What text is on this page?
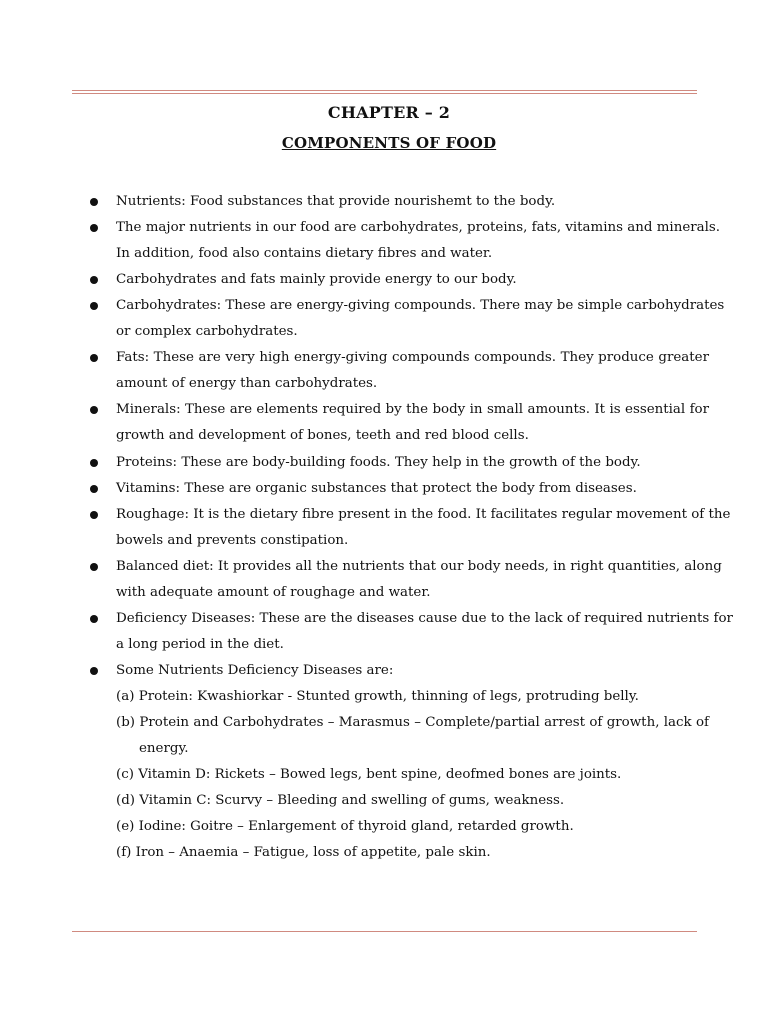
CHAPTER – 2
COMPONENTS OF FOOD
Nutrients: Food substances that provide nourishemt to the body.
The major nutrients in our food are carbohydrates, proteins, fats, vitamins and minerals.
In addition, food also contains dietary fibres and water.
Carbohydrates and fats mainly provide energy to our body.
Carbohydrates: These are energy-giving compounds. There may be simple carbohydrates
or complex carbohydrates.
Fats: These are very high energy-giving compounds compounds. They produce greater
amount of energy than carbohydrates.
Minerals: These are elements required by the body in small amounts. It is essential for
growth and development of bones, teeth and red blood cells.
Proteins: These are body-building foods. They help in the growth of the body.
Vitamins: These are organic substances that protect the body from diseases.
Roughage: It is the dietary fibre present in the food. It facilitates regular movement of the
bowels and prevents constipation.
Balanced diet: It provides all the nutrients that our body needs, in right quantities, along
with adequate amount of roughage and water.
Deficiency Diseases: These are the diseases cause due to the lack of required nutrients for
a long period in the diet.
Some Nutrients Deficiency Diseases are:
(a) Protein: Kwashiorkar - Stunted growth, thinning of legs, protruding belly.
(b) Protein and Carbohydrates – Marasmus – Complete/partial arrest of growth, lack of
energy.
(c) Vitamin D: Rickets – Bowed legs, bent spine, deofmed bones are joints.
(d) Vitamin C: Scurvy – Bleeding and swelling of gums, weakness.
(e) Iodine: Goitre – Enlargement of thyroid gland, retarded growth.
(f) Iron – Anaemia – Fatigue, loss of appetite, pale skin.
